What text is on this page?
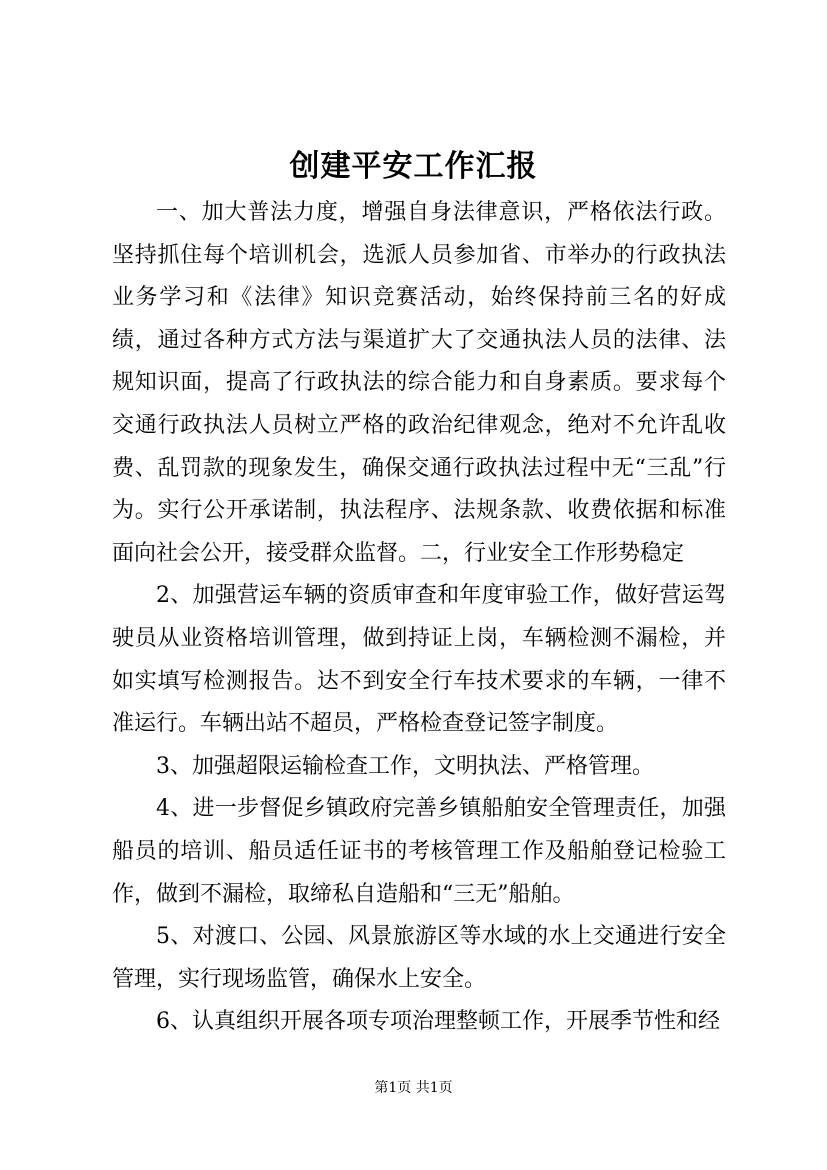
创建平安工作汇报

一、加大普法力度，增强自身法律意识，严格依法行政。坚持抓住每个培训机会，选派人员参加省、市举办的行政执法业务学习和《法律》知识竞赛活动，始终保持前三名的好成绩，通过各种方式方法与渠道扩大了交通执法人员的法律、法规知识面，提高了行政执法的综合能力和自身素质。要求每个交通行政执法人员树立严格的政治纪律观念，绝对不允许乱收费、乱罚款的现象发生，确保交通行政执法过程中无“三乱”行为。实行公开承诺制，执法程序、法规条款、收费依据和标准面向社会公开，接受群众监督。二，行业安全工作形势稳定

2、加强营运车辆的资质审查和年度审验工作，做好营运驾驶员从业资格培训管理，做到持证上岗，车辆检测不漏检，并如实填写检测报告。达不到安全行车技术要求的车辆，一律不准运行。车辆出站不超员，严格检查登记签字制度。

3、加强超限运输检查工作，文明执法、严格管理。

4、进一步督促乡镇政府完善乡镇船舶安全管理责任，加强船员的培训、船员适任证书的考核管理工作及船舶登记检验工作，做到不漏检，取缔私自造船和“三无”船舶。

5、对渡口、公园、风景旅游区等水域的水上交通进行安全管理，实行现场监管，确保水上安全。

6、认真组织开展各项专项治理整顿工作，开展季节性和经

第1页 共1页
